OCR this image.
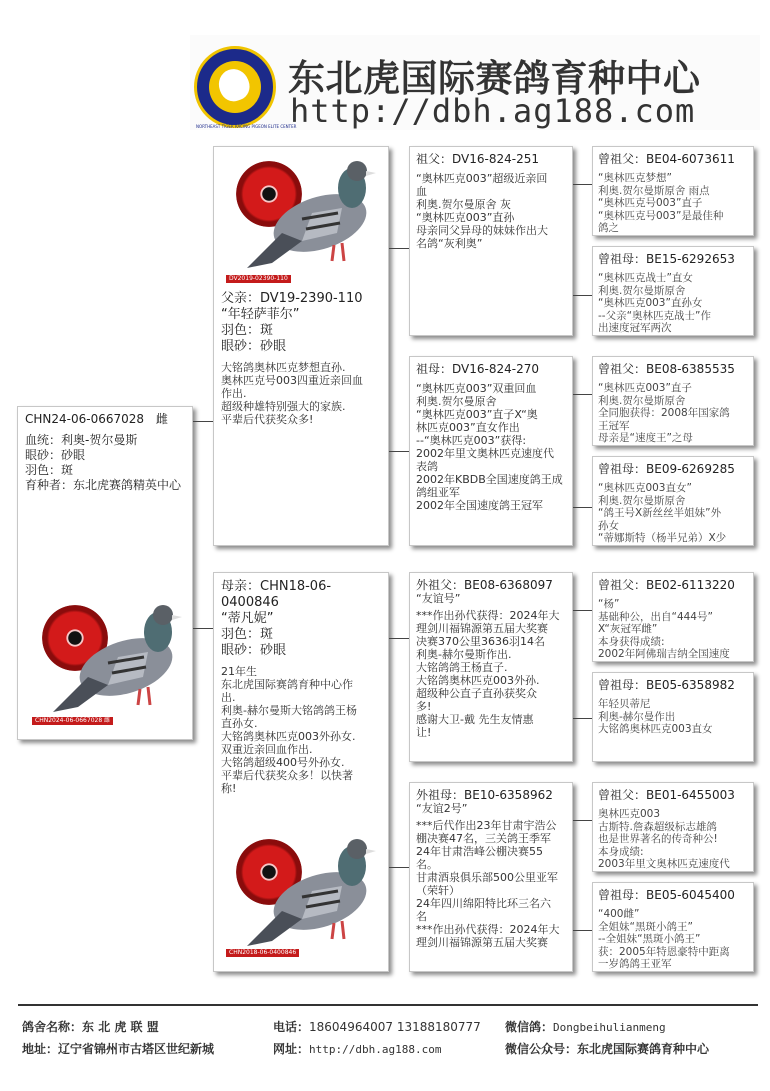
东北虎国际赛鸽育种中心
http://dbh.ag188.com
CHN24-06-0667028 雌
血统：利奥-贺尔曼斯
眼砂：砂眼
羽色：斑
育种者：东北虎赛鸽精英中心
CHN2024-06-0667028 雌
DV2019-02390-110
父亲：DV19-2390-110
“年轻萨菲尔”
羽色：斑
眼砂：砂眼
大铭鸽奥林匹克梦想直孙.
奥林匹克号003四重近亲回血
作出.
超级种雄特别强大的家族.
平辈后代获奖众多!
母亲：CHN18-06-0400846
“蒂凡妮”
羽色：斑
眼砂：砂眼
21年生
东北虎国际赛鸽育种中心作
出.
利奥-赫尔曼斯大铭鸽鸽王杨
直孙女.
大铭鸽奥林匹克003外孙女.
双重近亲回血作出.
大铭鸽超级400号外孙女.
平辈后代获奖众多！以快著
称!
CHN2018-06-0400846
祖父：DV16-824-251
“奥林匹克003”超级近亲回
血
利奥.贺尔曼原舍 灰
“奥林匹克003”直孙
母亲同父异母的妹妹作出大
名鸽“灰利奥”
祖母：DV16-824-270
“奥林匹克003”双重回血
利奥.贺尔曼原舍
“奥林匹克003”直子X“奥
林匹克003”直女作出
--“奥林匹克003”获得:
2002年里文奥林匹克速度代
表鸽
2002年KBDB全国速度鸽王成
鸽组亚军
2002年全国速度鸽王冠军
外祖父：BE08-6368097
“友谊号”
***作出孙代获得：2024年大
理剑川福锦源第五届大奖赛
决赛370公里3636羽14名
利奥-赫尔曼斯作出.
大铭鸽鸽王杨直子.
大铭鸽奥林匹克003外孙.
超级种公直子直孙获奖众
多!
感谢大卫-戴 先生友情惠
让!
外祖母：BE10-6358962
“友谊2号”
***后代作出23年甘肃宇浩公
棚决赛47名，三关鸽王季军
24年甘肃浩峰公棚决赛55
名。
甘肃酒泉俱乐部500公里亚军
（荣轩）
24年四川绵阳特比环三名六
名
***作出孙代获得：2024年大
理剑川福锦源第五届大奖赛
曾祖父：BE04-6073611
“奥林匹克梦想”
利奥.贺尔曼斯原舍 雨点
“奥林匹克号003”直子
“奥林匹克号003”是最佳种
鸽之
曾祖母：BE15-6292653
“奥林匹克战士”直女
利奥.贺尔曼斯原舍
“奥林匹克003”直孙女
--父亲“奥林匹克战士”作
出速度冠军两次
曾祖父：BE08-6385535
“奥林匹克003”直子
利奥.贺尔曼斯原舍
全同胞获得：2008年国家鸽
王冠军
母亲是“速度王”之母
曾祖母：BE09-6269285
“奥林匹克003直女”
利奥.贺尔曼斯原舍
“鸽王号X新丝丝半姐妹”外
孙女
“蒂娜斯特（杨半兄弟）X少
曾祖父：BE02-6113220
“杨”
基础种公，出自“444号”
X“灰冠军雌”
本身获得成绩:
2002年阿佛瑞吉纳全国速度
曾祖母：BE05-6358982
年轻贝蒂尼
利奥-赫尔曼作出
大铭鸽奥林匹克003直女
曾祖父：BE01-6455003
奥林匹克003
古斯特.詹森超级标志雄鸽
也是世界著名的传奇种公!
本身成绩:
2003年里文奥林匹克速度代
曾祖母：BE05-6045400
“400雌”
全姐妹“黑斑小鸽王”
--全姐妹“黑斑小鸽王”
获：2005年特恩豪特中距离
一岁鸽鸽王亚军
鸽舍名称：东 北 虎 联 盟	电话：18604964007 13188180777 微信鸽：Dongbeihulianmeng
地址：辽宁省锦州市古塔区世纪新城	网址：http://dbh.ag188.com	微信公众号：东北虎国际赛鸽育种中心
NORTHEAST TIGER RACING PIGEON ELITE CENTER
